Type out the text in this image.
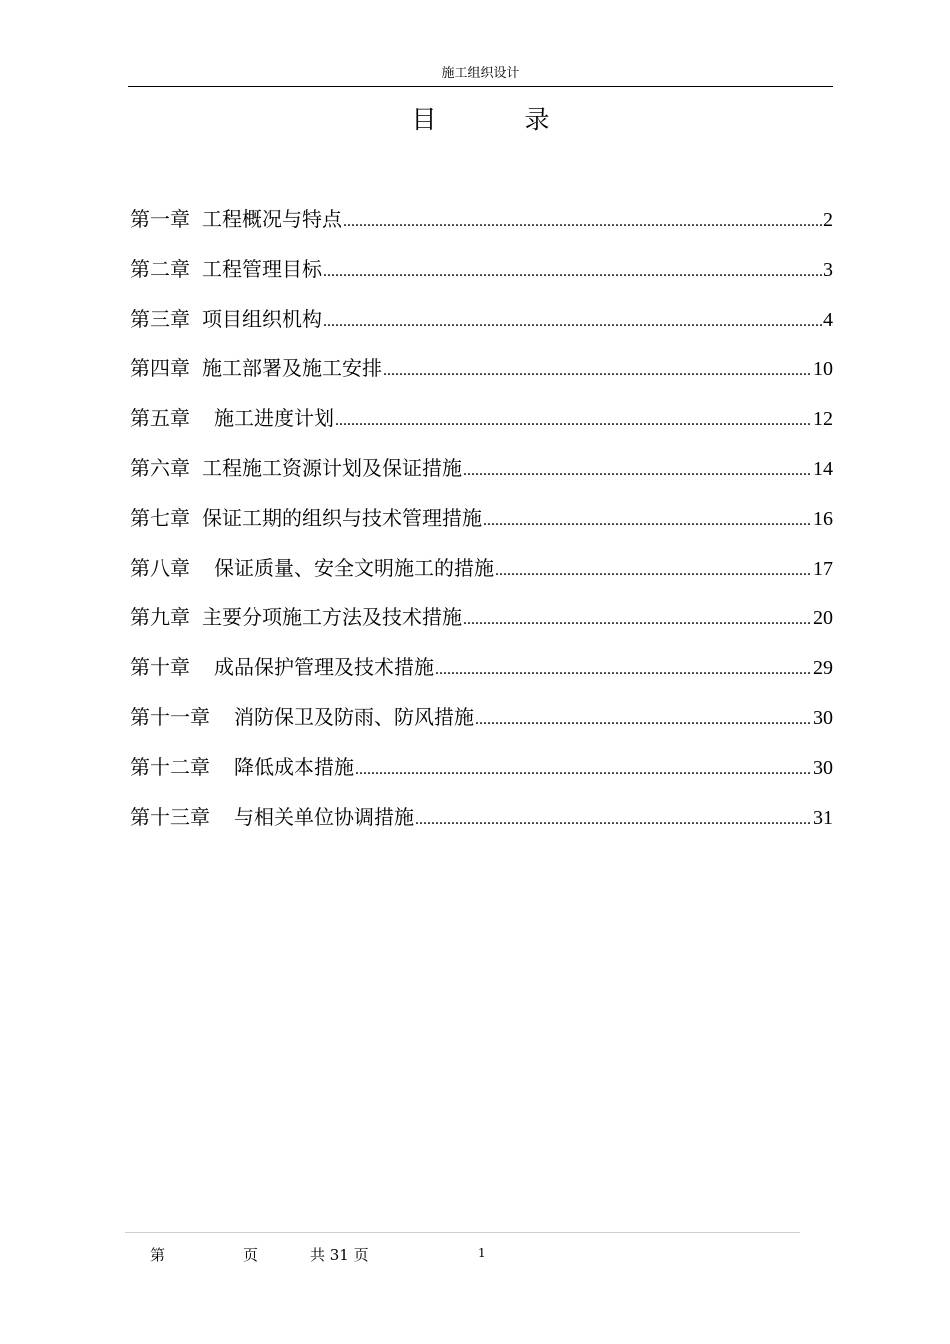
施工组织设计
目	录
第一章 工程概况与特点 .....	2
第二章 工程管理目标 .....	3
第三章 项目组织机构 .....	4
第四章 施工部署及施工安排 .....	10
第五章 施工进度计划 .....	12
第六章 工程施工资源计划及保证措施 .....	14
第七章 保证工期的组织与技术管理措施 .....	16
第八章 保证质量、安全文明施工的措施 .....	17
第九章 主要分项施工方法及技术措施 .....	20
第十章 成品保护管理及技术措施 .....	29
第十一章 消防保卫及防雨、防风措施 .....	30
第十二章 降低成本措施 .....	30
第十三章 与相关单位协调措施 .....	31
第	页	共 31 页	1
